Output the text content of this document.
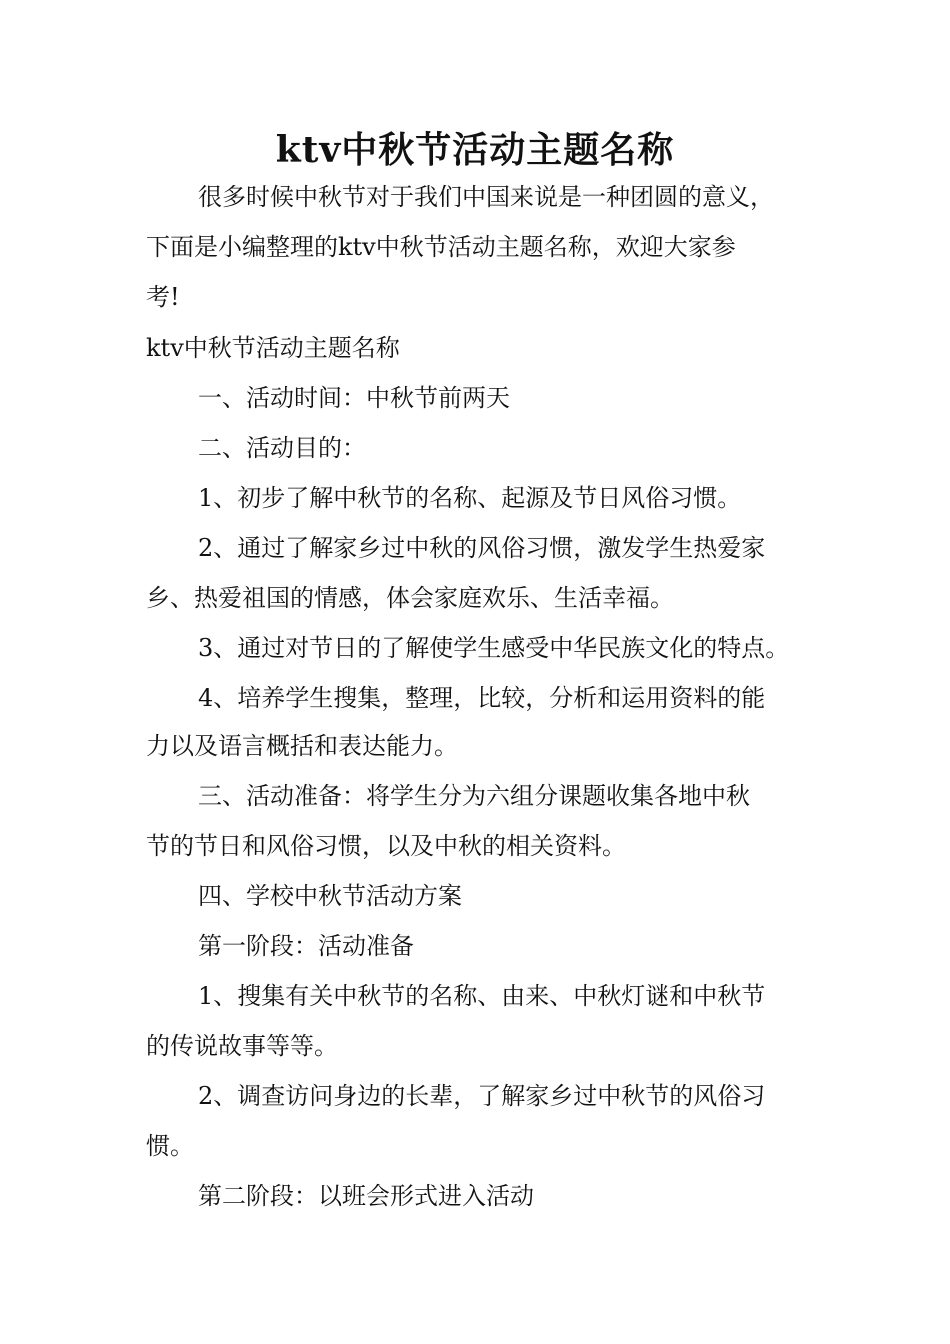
ktv中秋节活动主题名称
很多时候中秋节对于我们中国来说是一种团圆的意义，
下面是小编整理的ktv中秋节活动主题名称，欢迎大家参
考!
ktv中秋节活动主题名称
一、活动时间：中秋节前两天
二、活动目的：
1、初步了解中秋节的名称、起源及节日风俗习惯。
2、通过了解家乡过中秋的风俗习惯，激发学生热爱家
乡、热爱祖国的情感，体会家庭欢乐、生活幸福。
3、通过对节日的了解使学生感受中华民族文化的特点。
4、培养学生搜集，整理，比较，分析和运用资料的能
力以及语言概括和表达能力。
三、活动准备：将学生分为六组分课题收集各地中秋
节的节日和风俗习惯，以及中秋的相关资料。
四、学校中秋节活动方案
第一阶段：活动准备
1、搜集有关中秋节的名称、由来、中秋灯谜和中秋节
的传说故事等等。
2、调查访问身边的长辈，了解家乡过中秋节的风俗习
惯。
第二阶段：以班会形式进入活动
